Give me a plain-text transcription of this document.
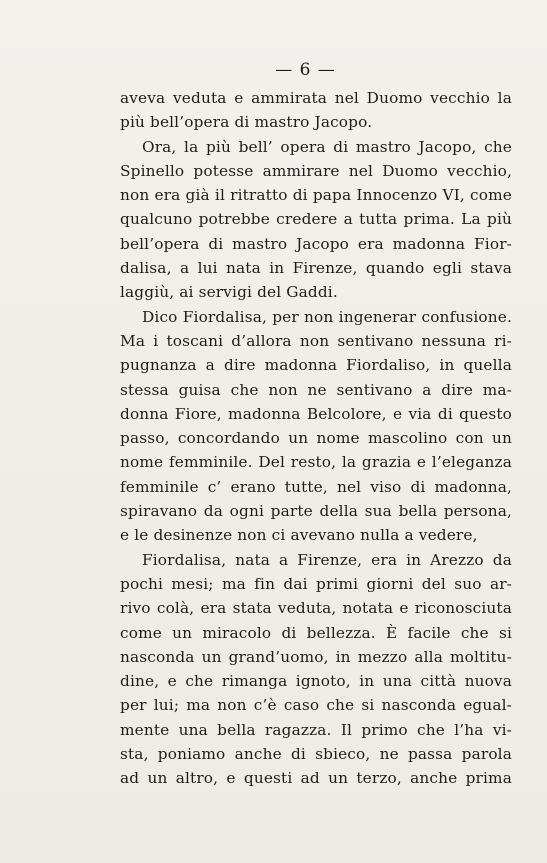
— 6 —
aveva veduta e ammirata nel Duomo vecchio la
più bell’opera di mastro Jacopo.
Ora, la più bell’ opera di mastro Jacopo, che
Spinello potesse ammirare nel Duomo vecchio,
non era già il ritratto di papa Innocenzo VI, come
qualcuno potrebbe credere a tutta prima. La più
bell’opera di mastro Jacopo era madonna Fior-
dalisa, a lui nata in Firenze, quando egli stava
laggiù, ai servigi del Gaddi.
Dico Fiordalisa, per non ingenerar confusione.
Ma i toscani d’allora non sentivano nessuna ri-
pugnanza a dire madonna Fiordaliso, in quella
stessa guisa che non ne sentivano a dire ma-
donna Fiore, madonna Belcolore, e via di questo
passo, concordando un nome mascolino con un
nome femminile. Del resto, la grazia e l’eleganza
femminile c’ erano tutte, nel viso di madonna,
spiravano da ogni parte della sua bella persona,
e le desinenze non ci avevano nulla a vedere,
Fiordalisa, nata a Firenze, era in Arezzo da
pochi mesi; ma fin dai primi giorni del suo ar-
rivo colà, era stata veduta, notata e riconosciuta
come un miracolo di bellezza. È facile che si
nasconda un grand’uomo, in mezzo alla moltitu-
dine, e che rimanga ignoto, in una città nuova
per lui; ma non c’è caso che si nasconda egual-
mente una bella ragazza. Il primo che l’ha vi-
sta, poniamo anche di sbieco, ne passa parola
ad un altro, e questi ad un terzo, anche prima
